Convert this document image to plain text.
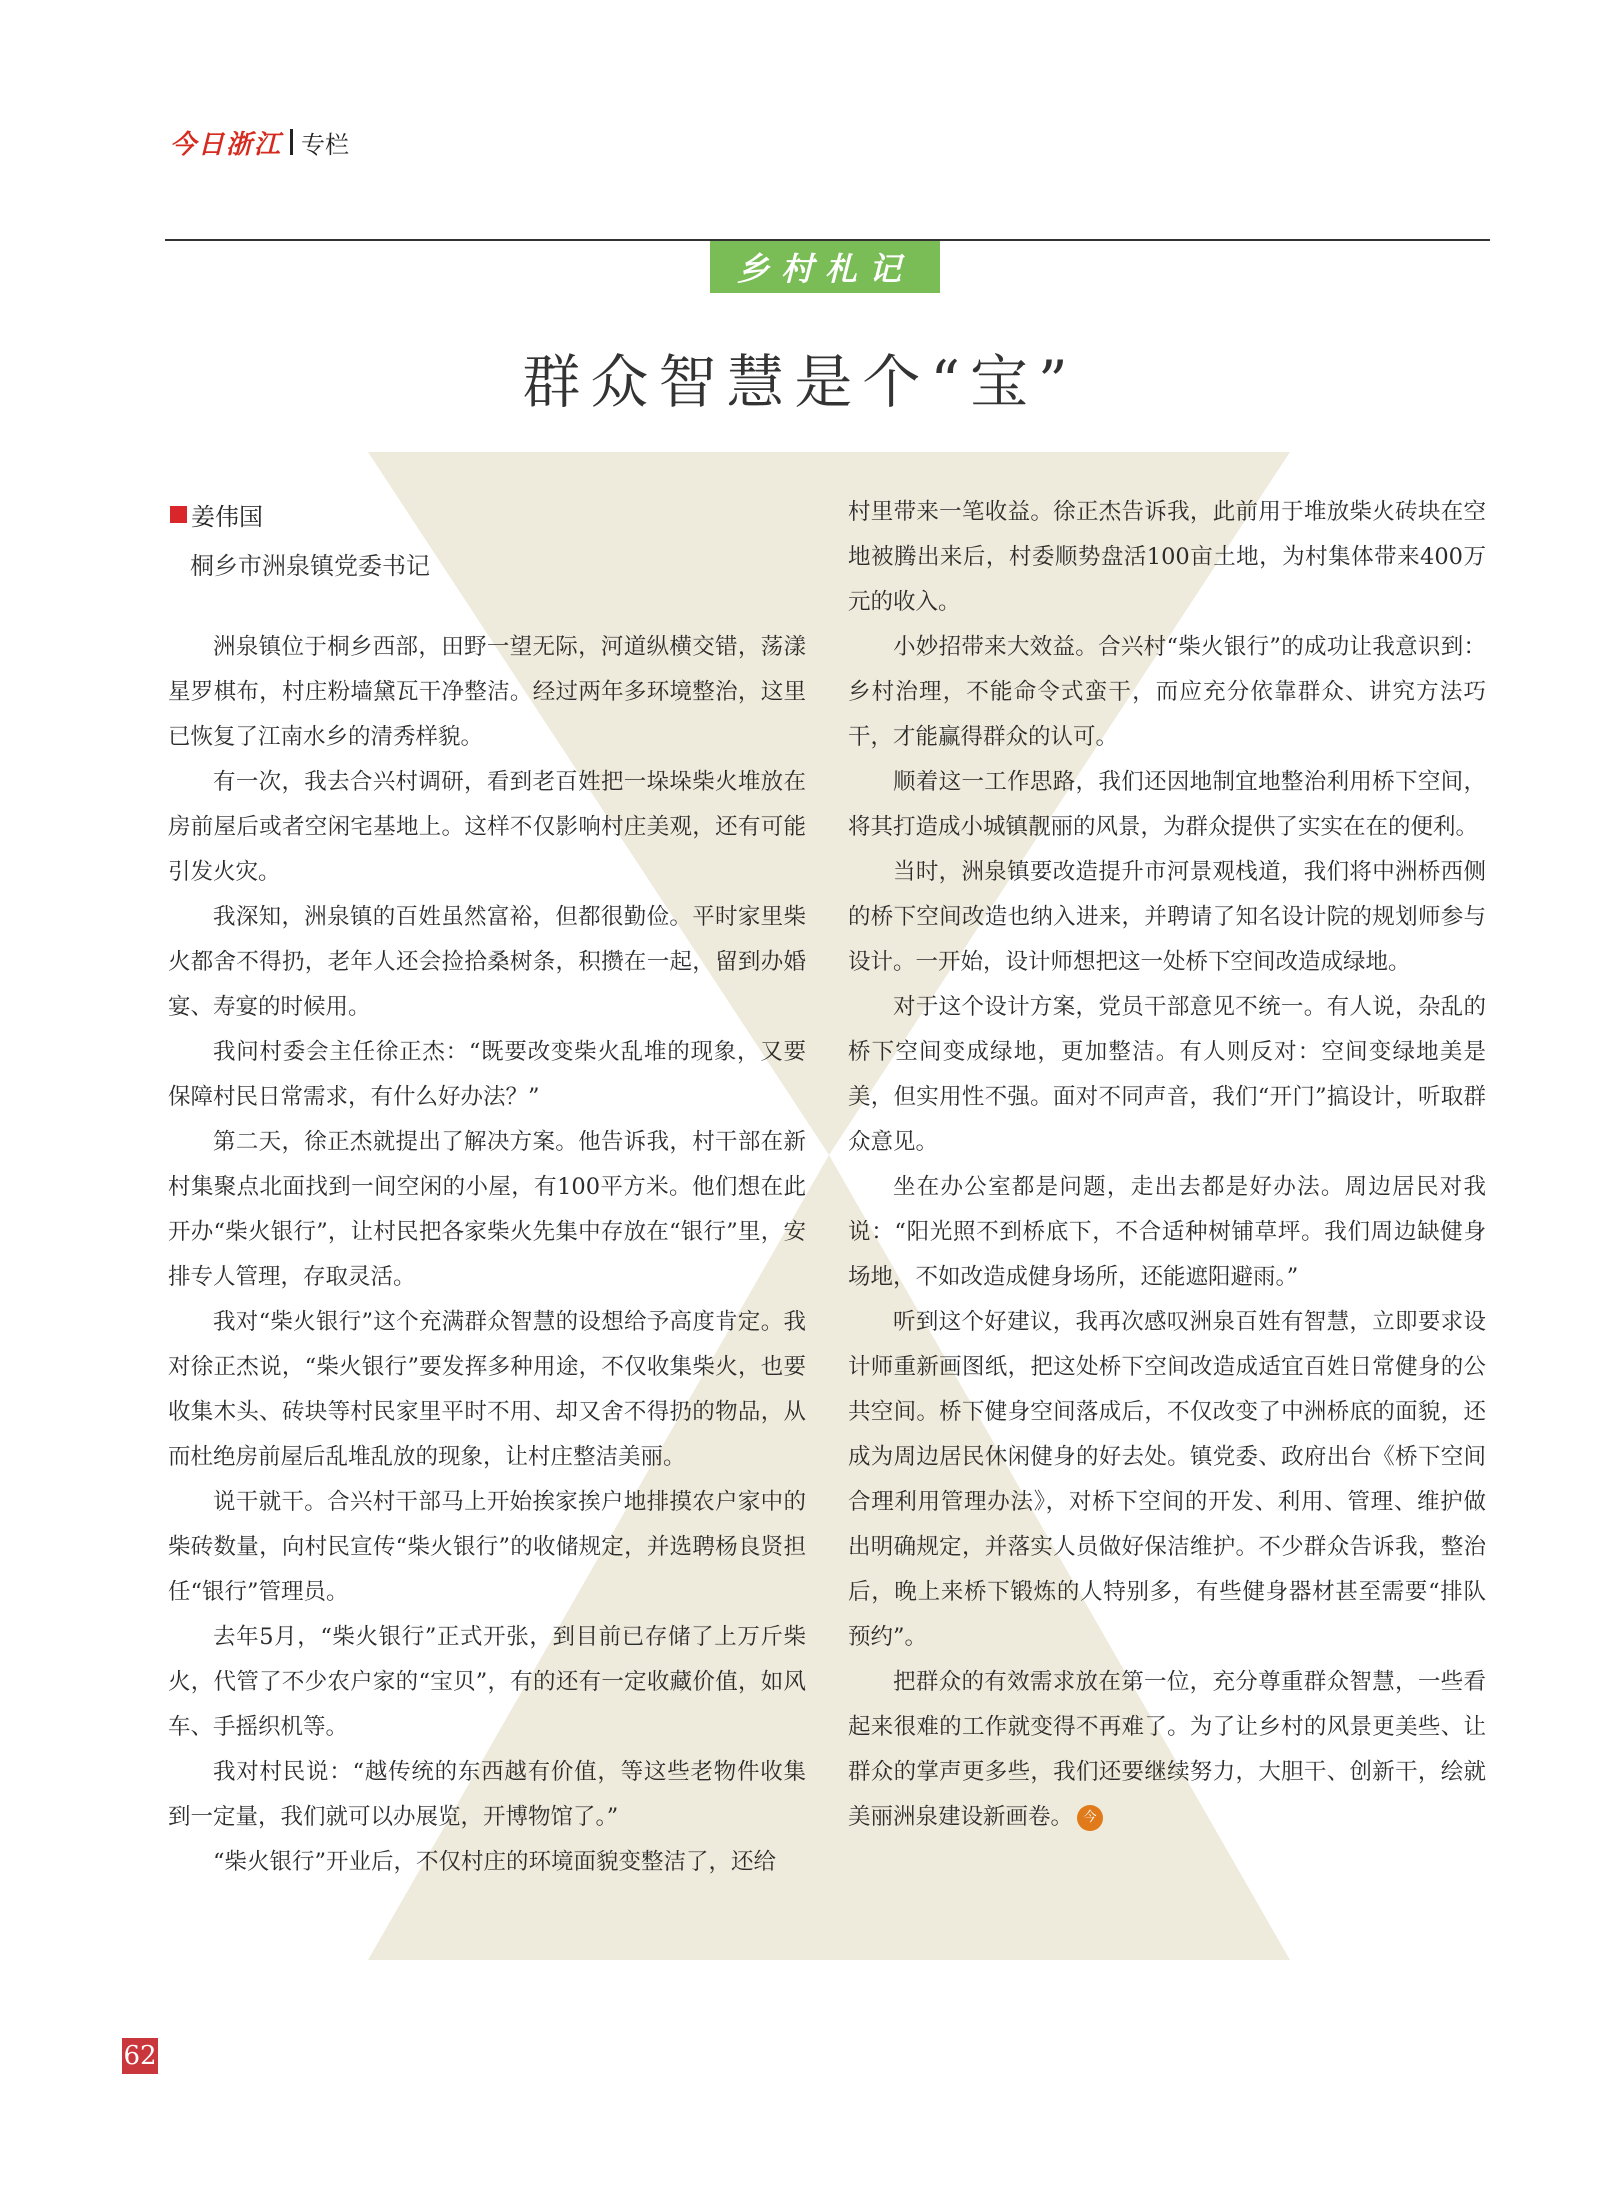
今日浙江 专栏
乡村札记
群众智慧是个“宝”
姜伟国
桐乡市洲泉镇党委书记

洲泉镇位于桐乡西部，田野一望无际，河道纵横交错，荡漾星罗棋布，村庄粉墙黛瓦干净整洁。经过两年多环境整治，这里已恢复了江南水乡的清秀样貌。

有一次，我去合兴村调研，看到老百姓把一垛垛柴火堆放在房前屋后或者空闲宅基地上。这样不仅影响村庄美观，还有可能引发火灾。

我深知，洲泉镇的百姓虽然富裕，但都很勤俭。平时家里柴火都舍不得扔，老年人还会捡拾桑树条，积攒在一起，留到办婚宴、寿宴的时候用。

我问村委会主任徐正杰：“既要改变柴火乱堆的现象，又要保障村民日常需求，有什么好办法？”

第二天，徐正杰就提出了解决方案。他告诉我，村干部在新村集聚点北面找到一间空闲的小屋，有100平方米。他们想在此开办“柴火银行”，让村民把各家柴火先集中存放在“银行”里，安排专人管理，存取灵活。

我对“柴火银行”这个充满群众智慧的设想给予高度肯定。我对徐正杰说，“柴火银行”要发挥多种用途，不仅收集柴火，也要收集木头、砖块等村民家里平时不用、却又舍不得扔的物品，从而杜绝房前屋后乱堆乱放的现象，让村庄整洁美丽。

说干就干。合兴村干部马上开始挨家挨户地排摸农户家中的柴砖数量，向村民宣传“柴火银行”的收储规定，并选聘杨良贤担任“银行”管理员。

去年5月，“柴火银行”正式开张，到目前已存储了上万斤柴火，代管了不少农户家的“宝贝”，有的还有一定收藏价值，如风车、手摇织机等。

我对村民说：“越传统的东西越有价值，等这些老物件收集到一定量，我们就可以办展览，开博物馆了。”

“柴火银行”开业后，不仅村庄的环境面貌变整洁了，还给

村里带来一笔收益。徐正杰告诉我，此前用于堆放柴火砖块在空地被腾出来后，村委顺势盘活100亩土地，为村集体带来400万元的收入。

小妙招带来大效益。合兴村“柴火银行”的成功让我意识到：乡村治理，不能命令式蛮干，而应充分依靠群众、讲究方法巧干，才能赢得群众的认可。

顺着这一工作思路，我们还因地制宜地整治利用桥下空间，将其打造成小城镇靓丽的风景，为群众提供了实实在在的便利。

当时，洲泉镇要改造提升市河景观栈道，我们将中洲桥西侧的桥下空间改造也纳入进来，并聘请了知名设计院的规划师参与设计。一开始，设计师想把这一处桥下空间改造成绿地。

对于这个设计方案，党员干部意见不统一。有人说，杂乱的桥下空间变成绿地，更加整洁。有人则反对：空间变绿地美是美，但实用性不强。面对不同声音，我们“开门”搞设计，听取群众意见。

坐在办公室都是问题，走出去都是好办法。周边居民对我说：“阳光照不到桥底下，不合适种树铺草坪。我们周边缺健身场地，不如改造成健身场所，还能遮阳避雨。”

听到这个好建议，我再次感叹洲泉百姓有智慧，立即要求设计师重新画图纸，把这处桥下空间改造成适宜百姓日常健身的公共空间。桥下健身空间落成后，不仅改变了中洲桥底的面貌，还成为周边居民休闲健身的好去处。镇党委、政府出台《桥下空间合理利用管理办法》，对桥下空间的开发、利用、管理、维护做出明确规定，并落实人员做好保洁维护。不少群众告诉我，整治后，晚上来桥下锻炼的人特别多，有些健身器材甚至需要“排队预约”。

把群众的有效需求放在第一位，充分尊重群众智慧，一些看起来很难的工作就变得不再难了。为了让乡村的风景更美些、让群众的掌声更多些，我们还要继续努力，大胆干、创新干，绘就美丽洲泉建设新画卷。 今

62
